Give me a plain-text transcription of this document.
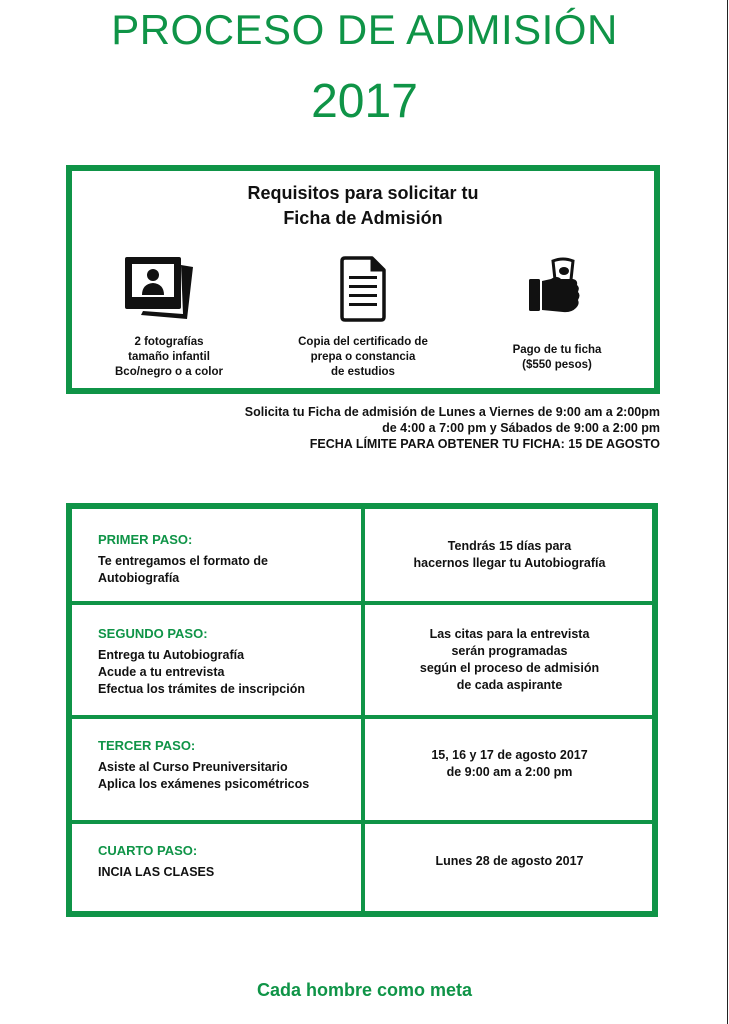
PROCESO DE ADMISIÓN
2017
Requisitos para solicitar tu
Ficha de Admisión
2 fotografías
tamaño infantil
Bco/negro o a color
Copia del certificado de
prepa o constancia
de estudios
Pago de tu ficha
($550 pesos)
Solicita tu Ficha de admisión de Lunes a Viernes de 9:00 am a 2:00pm
de 4:00 a 7:00 pm y Sábados de 9:00 a 2:00 pm
FECHA LÍMITE PARA OBTENER TU FICHA: 15 DE AGOSTO
PRIMER PASO:
Te entregamos el formato de
Autobiografía
Tendrás 15 días para
hacernos llegar tu Autobiografía
SEGUNDO PASO:
Entrega tu Autobiografía
Acude a tu entrevista
Efectua los trámites de inscripción
Las citas para la entrevista
serán programadas
según el proceso de admisión
de cada aspirante
TERCER PASO:
Asiste al Curso Preuniversitario
Aplica los exámenes psicométricos
15, 16 y 17 de agosto 2017
de 9:00 am a 2:00 pm
CUARTO PASO:
INCIA LAS CLASES
Lunes 28 de agosto 2017
Cada hombre como meta
